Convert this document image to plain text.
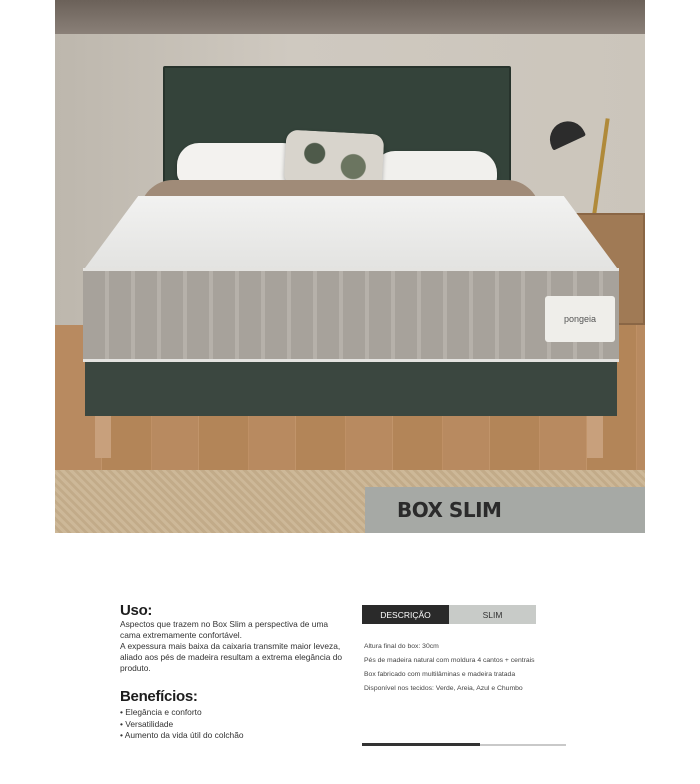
pongeia
BOX SLIM

Uso:

Aspectos que trazem no Box Slim a perspectiva de uma cama extremamente confortável.

A expessura mais baixa da caixaria transmite maior leveza, aliado aos pés de madeira resultam a extrema elegância do produto.

Benefícios:

• Elegância e conforto
• Versatilidade
• Aumento da vida útil do colchão
DESCRIÇÃO	SLIM
Altura final do box: 30cm
Pés de madeira natural com moldura 4 cantos + centrais
Box fabricado com multilâminas e madeira tratada
Disponível nos tecidos: Verde, Areia, Azul e Chumbo
